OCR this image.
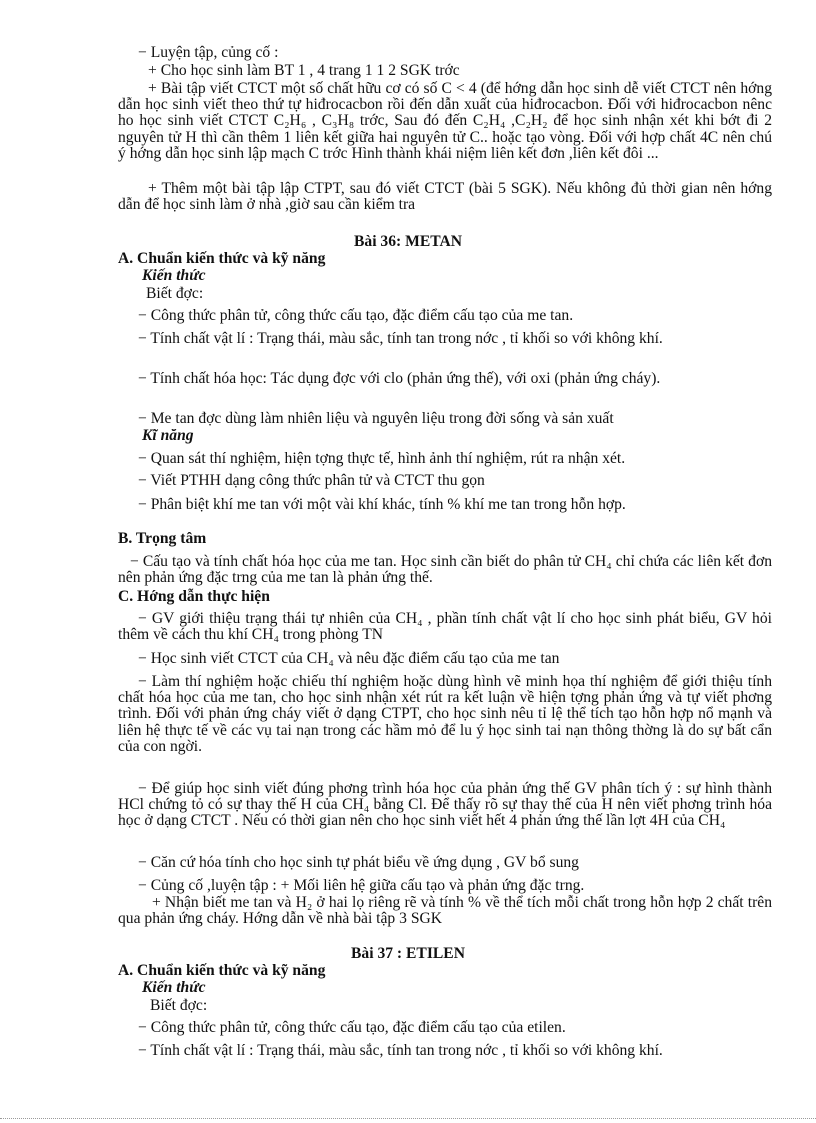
− Luyện tập, củng cố :
+ Cho học sinh làm BT 1 , 4 trang 1 1 2 SGK trớc

+ Bài tập viết CTCT một số chất hữu cơ có số C < 4 (để hớng dẫn học sinh dễ viết CTCT nên hớng dẫn học sinh viết theo thứ tự hiđrocacbon rồi đến dẫn xuất của hiđrocacbon. Đối với hiđrocacbon nênc ho học sinh viết CTCT C₂H₆ , C₃H₈ trớc, Sau đó đến C₂H₄ ,C₂H₂ để học sinh nhận xét khi bớt đi 2 nguyên tử H thì cần thêm 1 liên kết giữa hai nguyên tử C.. hoặc tạo vòng. Đối với hợp chất 4C nên chú ý hớng dẫn học sinh lập mạch C trớc Hình thành khái niệm liên kết đơn ,liên kết đôi ...

+ Thêm một bài tập lập CTPT, sau đó viết CTCT (bài 5 SGK). Nếu không đủ thời gian nên hớng dẫn để học sinh làm ở nhà ,giờ sau cần kiểm tra

Bài 36: METAN
A. Chuẩn kiến thức và kỹ năng
Kiến thức
Biết đợc:
− Công thức phân tử, công thức cấu tạo, đặc điểm cấu tạo của me tan.

− Tính chất vật lí : Trạng thái, màu sắc, tính tan trong nớc , tỉ khối so với không khí.

− Tính chất hóa học: Tác dụng đợc với clo (phản ứng thế), với oxi (phản ứng cháy).

− Me tan đợc dùng làm nhiên liệu và nguyên liệu trong đời sống và sản xuất
Kĩ năng
− Quan sát thí nghiệm, hiện tợng thực tế, hình ảnh thí nghiệm, rút ra nhận xét.
− Viết PTHH dạng công thức phân tử và CTCT thu gọn

− Phân biệt khí me tan với một vài khí khác, tính % khí me tan trong hỗn hợp.

B. Trọng tâm

− Cấu tạo và tính chất hóa học của me tan. Học sinh cần biết do phân tử CH₄ chỉ chứa các liên kết đơn nên phản ứng đặc trng của me tan là phản ứng thế.

C. Hớng dẫn thực hiện

− GV giới thiệu trạng thái tự nhiên của CH₄ , phần tính chất vật lí cho học sinh phát biểu, GV hỏi thêm về cách thu khí CH₄ trong phòng TN

− Học sinh viết CTCT của CH₄ và nêu đặc điểm cấu tạo của me tan

− Làm thí nghiệm hoặc chiếu thí nghiệm hoặc dùng hình vẽ minh họa thí nghiệm để giới thiệu tính chất hóa học của me tan, cho học sinh nhận xét rút ra kết luận về hiện tợng phản ứng và tự viết phơng trình. Đối với phản ứng cháy viết ở dạng CTPT, cho học sinh nêu tỉ lệ thể tích tạo hỗn hợp nổ mạnh và liên hệ thực tế về các vụ tai nạn trong các hầm mỏ để lu ý học sinh tai nạn thông thờng là do sự bất cẩn của con ngời.

− Để giúp học sinh viết đúng phơng trình hóa học của phản ứng thế GV phân tích ý : sự hình thành HCl chứng tỏ có sự thay thế H của CH₄ bằng Cl. Để thấy rõ sự thay thế của H nên viết phơng trình hóa học ở dạng CTCT . Nếu có thời gian nên cho học sinh viết hết 4 phản ứng thế lần lợt 4H của CH₄

− Căn cứ hóa tính cho học sinh tự phát biểu về ứng dụng , GV bổ sung
− Củng cố ,luyện tập : + Mối liên hệ giữa cấu tạo và phản ứng đặc trng.

+ Nhận biết me tan và H₂ ở hai lọ riêng rẽ và tính % về thể tích mỗi chất trong hỗn hợp 2 chất trên qua phản ứng cháy. Hớng dẫn về nhà bài tập 3 SGK

Bài 37 : ETILEN
A. Chuẩn kiến thức và kỹ năng
Kiến thức
Biết đợc:
− Công thức phân tử, công thức cấu tạo, đặc điểm cấu tạo của etilen.

− Tính chất vật lí : Trạng thái, màu sắc, tính tan trong nớc , tỉ khối so với không khí.
